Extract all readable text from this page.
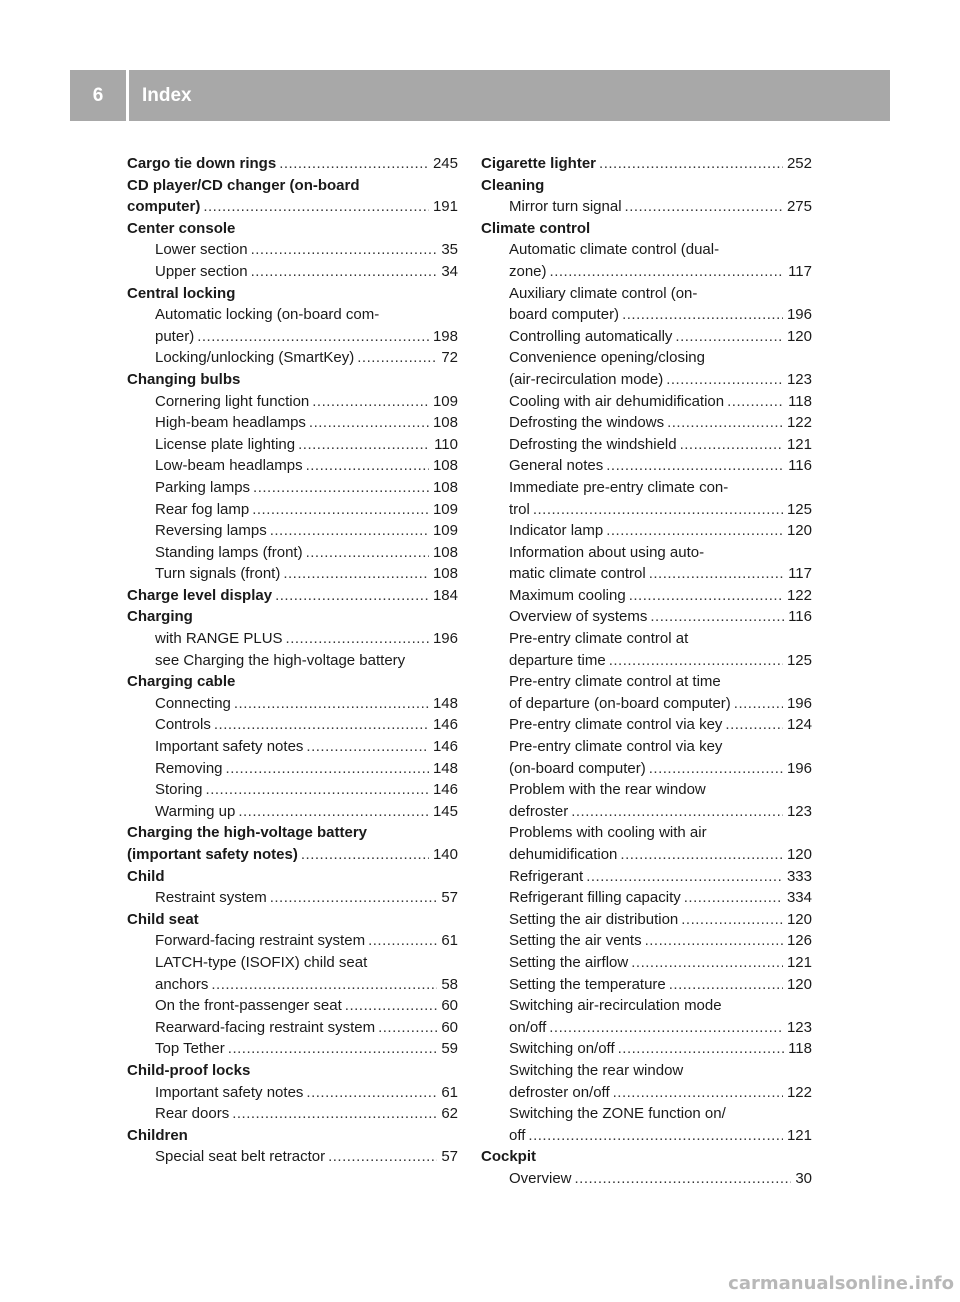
6	Index
Cargo tie down rings .....	245
CD player/CD changer (on-board
computer) .....	191
Center console
Lower section .....	35
Upper section .....	34
Central locking
Automatic locking (on-board com-
puter) .....	198
Locking/unlocking (SmartKey) .....	72
Changing bulbs
Cornering light function .....	109
High-beam headlamps .....	108
License plate lighting .....	110
Low-beam headlamps .....	108
Parking lamps .....	108
Rear fog lamp .....	109
Reversing lamps .....	109
Standing lamps (front) .....	108
Turn signals (front) .....	108
Charge level display .....	184
Charging
with RANGE PLUS .....	196
see Charging the high-voltage battery
Charging cable
Connecting .....	148
Controls .....	146
Important safety notes .....	146
Removing .....	148
Storing .....	146
Warming up .....	145
Charging the high-voltage battery
(important safety notes) .....	140
Child
Restraint system .....	57
Child seat
Forward-facing restraint system .....	61
LATCH-type (ISOFIX) child seat
anchors .....	58
On the front-passenger seat .....	60
Rearward-facing restraint system .....	60
Top Tether .....	59
Child-proof locks
Important safety notes .....	61
Rear doors .....	62
Children
Special seat belt retractor .....	57
Cigarette lighter .....	252
Cleaning
Mirror turn signal .....	275
Climate control
Automatic climate control (dual-
zone) .....	117
Auxiliary climate control (on-
board computer) .....	196
Controlling automatically .....	120
Convenience opening/closing
(air-recirculation mode) .....	123
Cooling with air dehumidification .....	118
Defrosting the windows .....	122
Defrosting the windshield .....	121
General notes .....	116
Immediate pre-entry climate con-
trol .....	125
Indicator lamp .....	120
Information about using auto-
matic climate control .....	117
Maximum cooling .....	122
Overview of systems .....	116
Pre-entry climate control at
departure time .....	125
Pre-entry climate control at time
of departure (on-board computer) .....	196
Pre-entry climate control via key .....	124
Pre-entry climate control via key
(on-board computer) .....	196
Problem with the rear window
defroster .....	123
Problems with cooling with air
dehumidification .....	120
Refrigerant .....	333
Refrigerant filling capacity .....	334
Setting the air distribution .....	120
Setting the air vents .....	126
Setting the airflow .....	121
Setting the temperature .....	120
Switching air-recirculation mode
on/off .....	123
Switching on/off .....	118
Switching the rear window
defroster on/off .....	122
Switching the ZONE function on/
off .....	121
Cockpit
Overview .....	30
carmanualsonline.info
